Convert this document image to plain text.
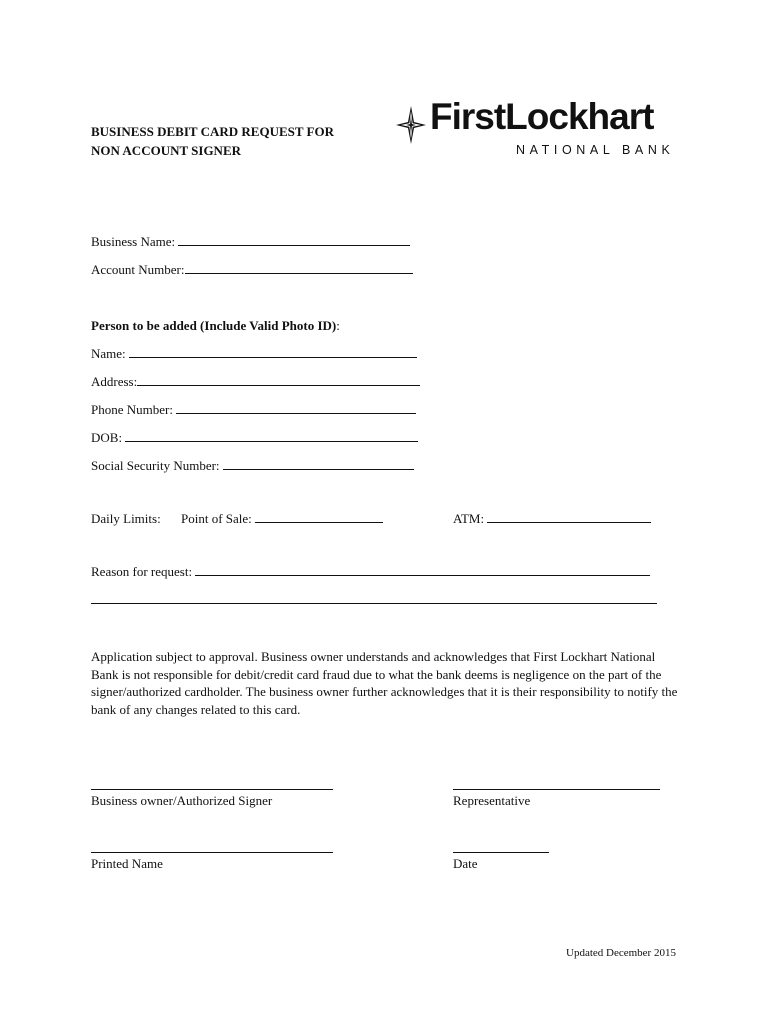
BUSINESS DEBIT CARD REQUEST FOR
NON ACCOUNT SIGNER
FirstLockhart
NATIONAL BANK
Business Name:
Account Number:
Person to be added (Include Valid Photo ID):
Name:
Address:
Phone Number:
DOB:
Social Security Number:
Daily Limits: Point of Sale:	ATM:
Reason for request:
Application subject to approval. Business owner understands and acknowledges that First Lockhart National Bank is not responsible for debit/credit card fraud due to what the bank deems is negligence on the part of the signer/authorized cardholder. The business owner further acknowledges that it is their responsibility to notify the bank of any changes related to this card.
Business owner/Authorized Signer	Representative
Printed Name	Date
Updated December 2015
